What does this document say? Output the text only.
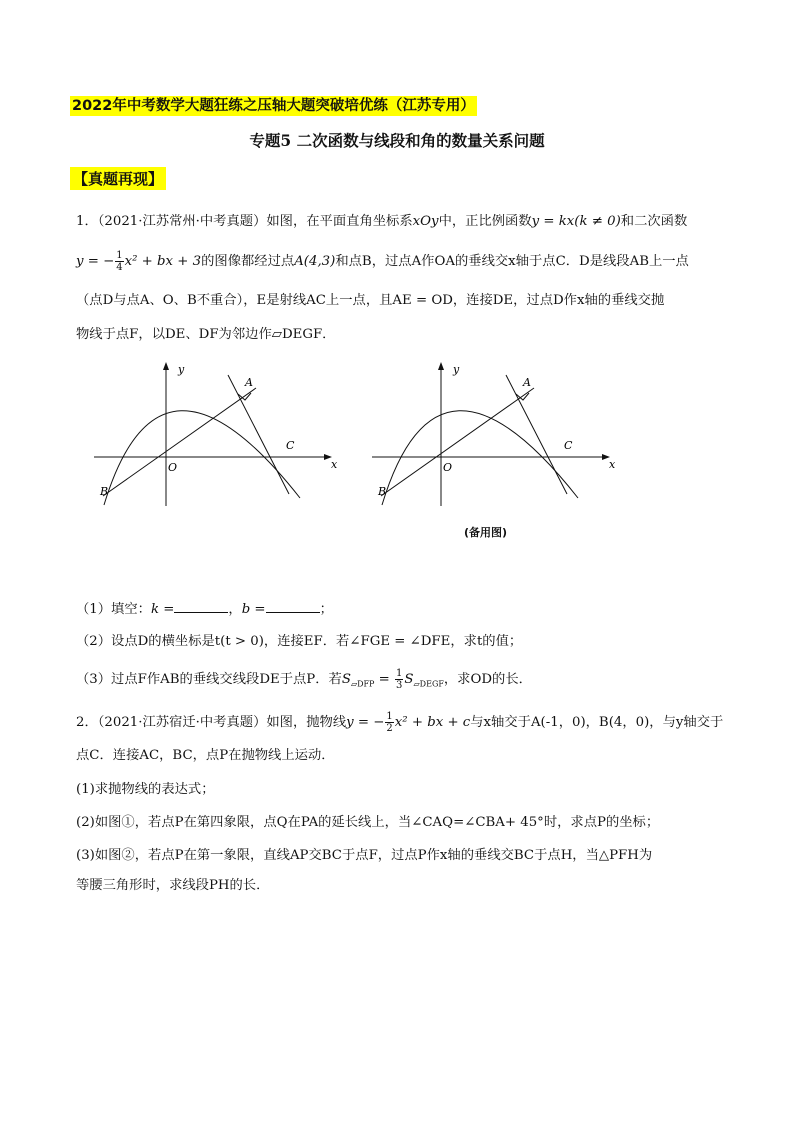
2022年中考数学大题狂练之压轴大题突破培优练（江苏专用）
专题5 二次函数与线段和角的数量关系问题
【真题再现】
1．（2021·江苏常州·中考真题）如图，在平面直角坐标系xOy中，正比例函数y = kx(k ≠ 0)和二次函数
y = − $\frac{1}{4} x^2$ + bx + 3的图像都经过点A(4,3)和点B，过点A作OA的垂线交x轴于点C．D是线段AB上一点
（点D与点A、O、B不重合），E是射线AC上一点，且AE = OD，连接DE，过点D作x轴的垂线交抛
物线于点F，以DE、DF为邻边作▱DEGF．
y
x
O
A
B
C
y
x
O
A
B
C
(备用图)
（1）填空：k =	，b =	；
（2）设点D的横坐标是t(t > 0)，连接EF．若∠FGE = ∠DFE，求t的值；
（3）过点F作AB的垂线交线段DE于点P．若$S_{▱DFP} = \frac{1}{3} S_{▱DEGF}$，求OD的长．
2．（2021·江苏宿迁·中考真题）如图，抛物线y = − $\frac{1}{2} x^2$ + bx + c与x轴交于A(-1，0)，B(4，0)，与y轴交于
点C．连接AC，BC，点P在抛物线上运动．
(1)求抛物线的表达式；
(2)如图①，若点P在第四象限，点Q在PA的延长线上，当∠CAQ=∠CBA+ 45°时，求点P的坐标；
(3)如图②，若点P在第一象限，直线AP交BC于点F，过点P作x轴的垂线交BC于点H，当△PFH为
等腰三角形时，求线段PH的长．
